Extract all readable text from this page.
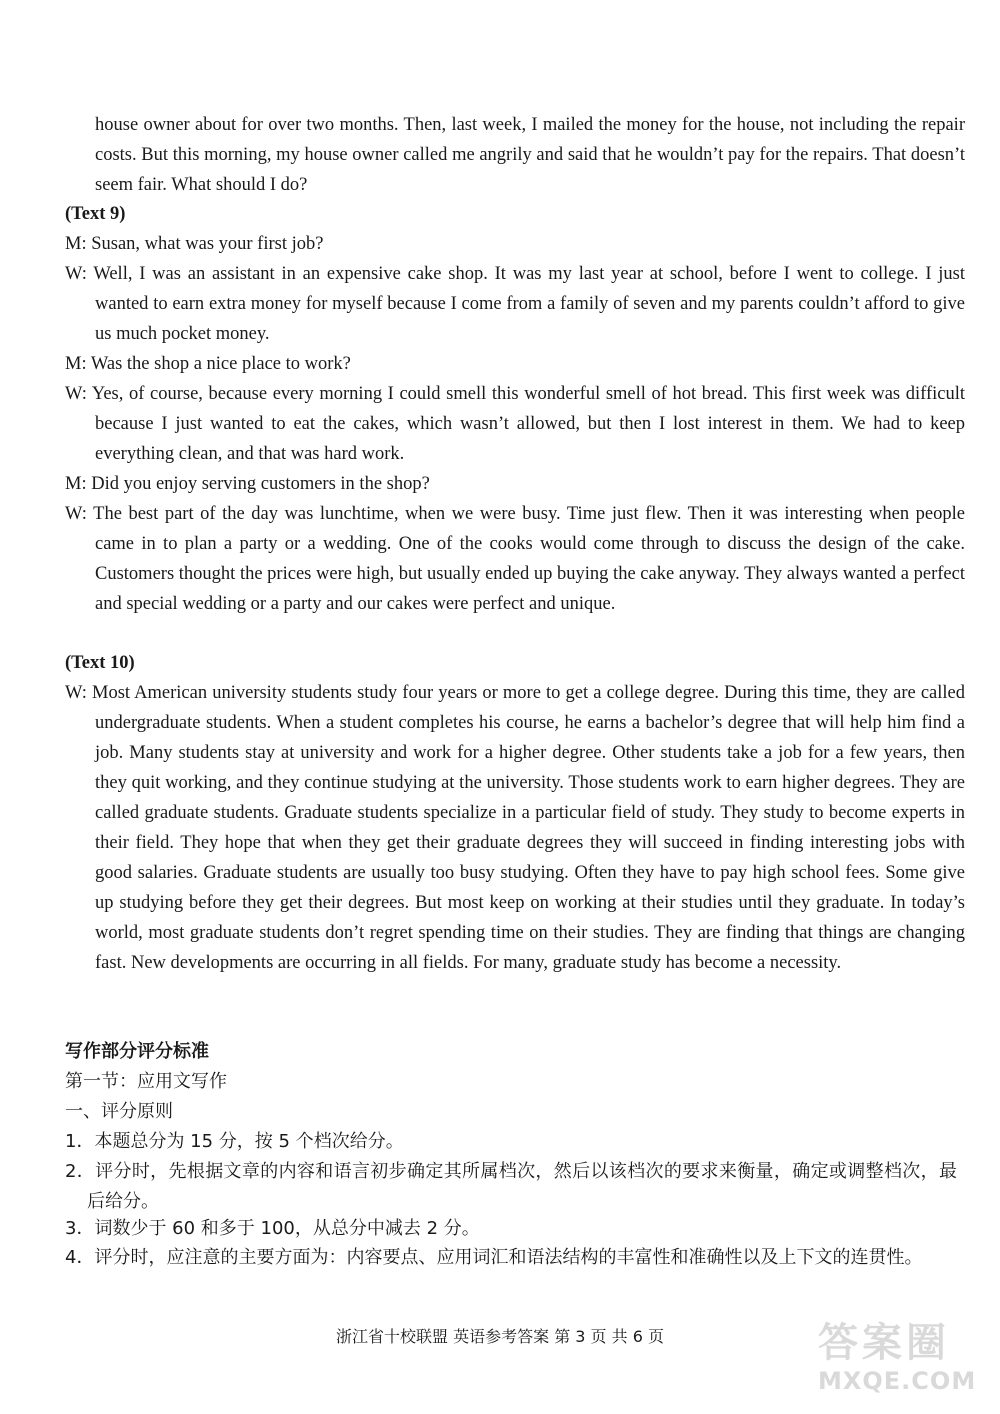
house owner about for over two months. Then, last week, I mailed the money for the house, not including the repair costs. But this morning, my house owner called me angrily and said that he wouldn’t pay for the repairs. That doesn’t seem fair. What should I do?
(Text 9)
M: Susan, what was your first job?
W: Well, I was an assistant in an expensive cake shop. It was my last year at school, before I went to college. I just wanted to earn extra money for myself because I come from a family of seven and my parents couldn’t afford to give us much pocket money.
M: Was the shop a nice place to work?
W: Yes, of course, because every morning I could smell this wonderful smell of hot bread. This first week was difficult because I just wanted to eat the cakes, which wasn’t allowed, but then I lost interest in them. We had to keep everything clean, and that was hard work.
M: Did you enjoy serving customers in the shop?
W: The best part of the day was lunchtime, when we were busy. Time just flew. Then it was interesting when people came in to plan a party or a wedding. One of the cooks would come through to discuss the design of the cake. Customers thought the prices were high, but usually ended up buying the cake anyway. They always wanted a perfect and special wedding or a party and our cakes were perfect and unique.
(Text 10)
W: Most American university students study four years or more to get a college degree. During this time, they are called undergraduate students. When a student completes his course, he earns a bachelor’s degree that will help him find a job. Many students stay at university and work for a higher degree. Other students take a job for a few years, then they quit working, and they continue studying at the university. Those students work to earn higher degrees. They are called graduate students. Graduate students specialize in a particular field of study. They study to become experts in their field. They hope that when they get their graduate degrees they will succeed in finding interesting jobs with good salaries. Graduate students are usually too busy studying. Often they have to pay high school fees. Some give up studying before they get their degrees. But most keep on working at their studies until they graduate. In today’s world, most graduate students don’t regret spending time on their studies. They are finding that things are changing fast. New developments are occurring in all fields. For many, graduate study has become a necessity.
写作部分评分标准
第一节：应用文写作
一、评分原则
1．本题总分为 15 分，按 5 个档次给分。
2．评分时，先根据文章的内容和语言初步确定其所属档次，然后以该档次的要求来衡量，确定或调整档次，最后给分。
3．词数少于 60 和多于 100，从总分中减去 2 分。
4．评分时，应注意的主要方面为：内容要点、应用词汇和语法结构的丰富性和准确性以及上下文的连贯性。
浙江省十校联盟 英语参考答案 第 3 页 共 6 页	答案圈
MXQE.COM
